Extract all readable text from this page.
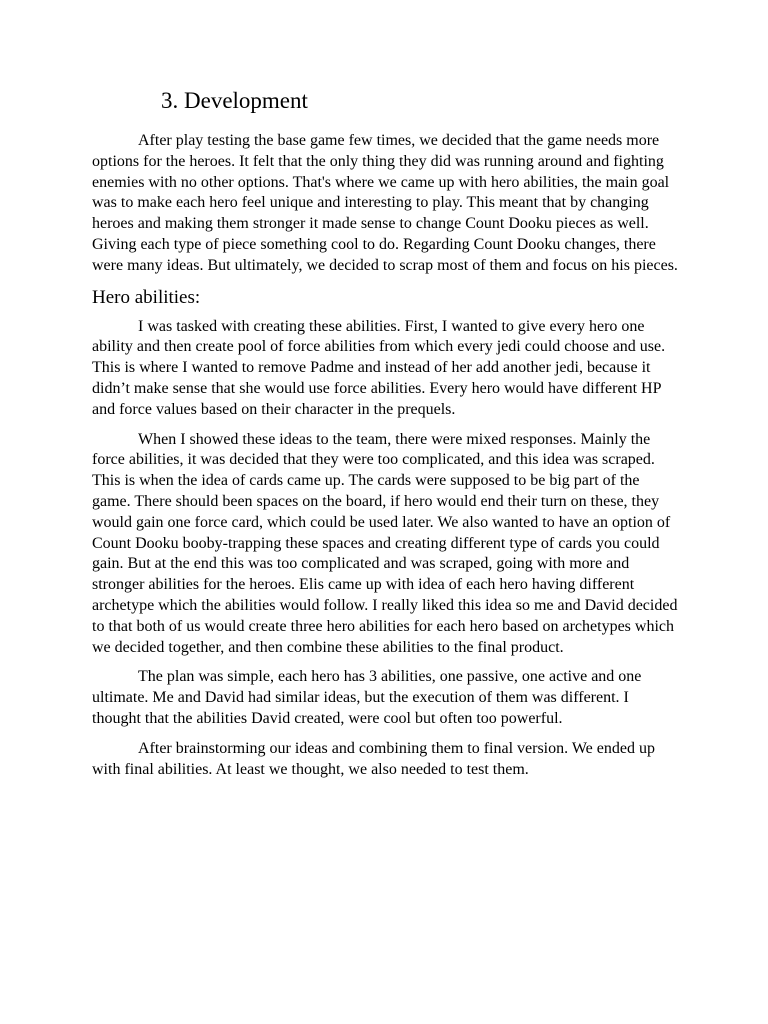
3. Development

After play testing the base game few times, we decided that the game needs more options for the heroes. It felt that the only thing they did was running around and fighting enemies with no other options. That's where we came up with hero abilities, the main goal was to make each hero feel unique and interesting to play. This meant that by changing heroes and making them stronger it made sense to change Count Dooku pieces as well. Giving each type of piece something cool to do. Regarding Count Dooku changes, there were many ideas. But ultimately, we decided to scrap most of them and focus on his pieces.

Hero abilities:

I was tasked with creating these abilities. First, I wanted to give every hero one ability and then create pool of force abilities from which every jedi could choose and use. This is where I wanted to remove Padme and instead of her add another jedi, because it didn’t make sense that she would use force abilities. Every hero would have different HP and force values based on their character in the prequels.

When I showed these ideas to the team, there were mixed responses. Mainly the force abilities, it was decided that they were too complicated, and this idea was scraped. This is when the idea of cards came up. The cards were supposed to be big part of the game. There should been spaces on the board, if hero would end their turn on these, they would gain one force card, which could be used later. We also wanted to have an option of Count Dooku booby-trapping these spaces and creating different type of cards you could gain. But at the end this was too complicated and was scraped, going with more and stronger abilities for the heroes. Elis came up with idea of each hero having different archetype which the abilities would follow. I really liked this idea so me and David decided to that both of us would create three hero abilities for each hero based on archetypes which we decided together, and then combine these abilities to the final product.

The plan was simple, each hero has 3 abilities, one passive, one active and one ultimate. Me and David had similar ideas, but the execution of them was different. I thought that the abilities David created, were cool but often too powerful.

After brainstorming our ideas and combining them to final version. We ended up with final abilities. At least we thought, we also needed to test them.
